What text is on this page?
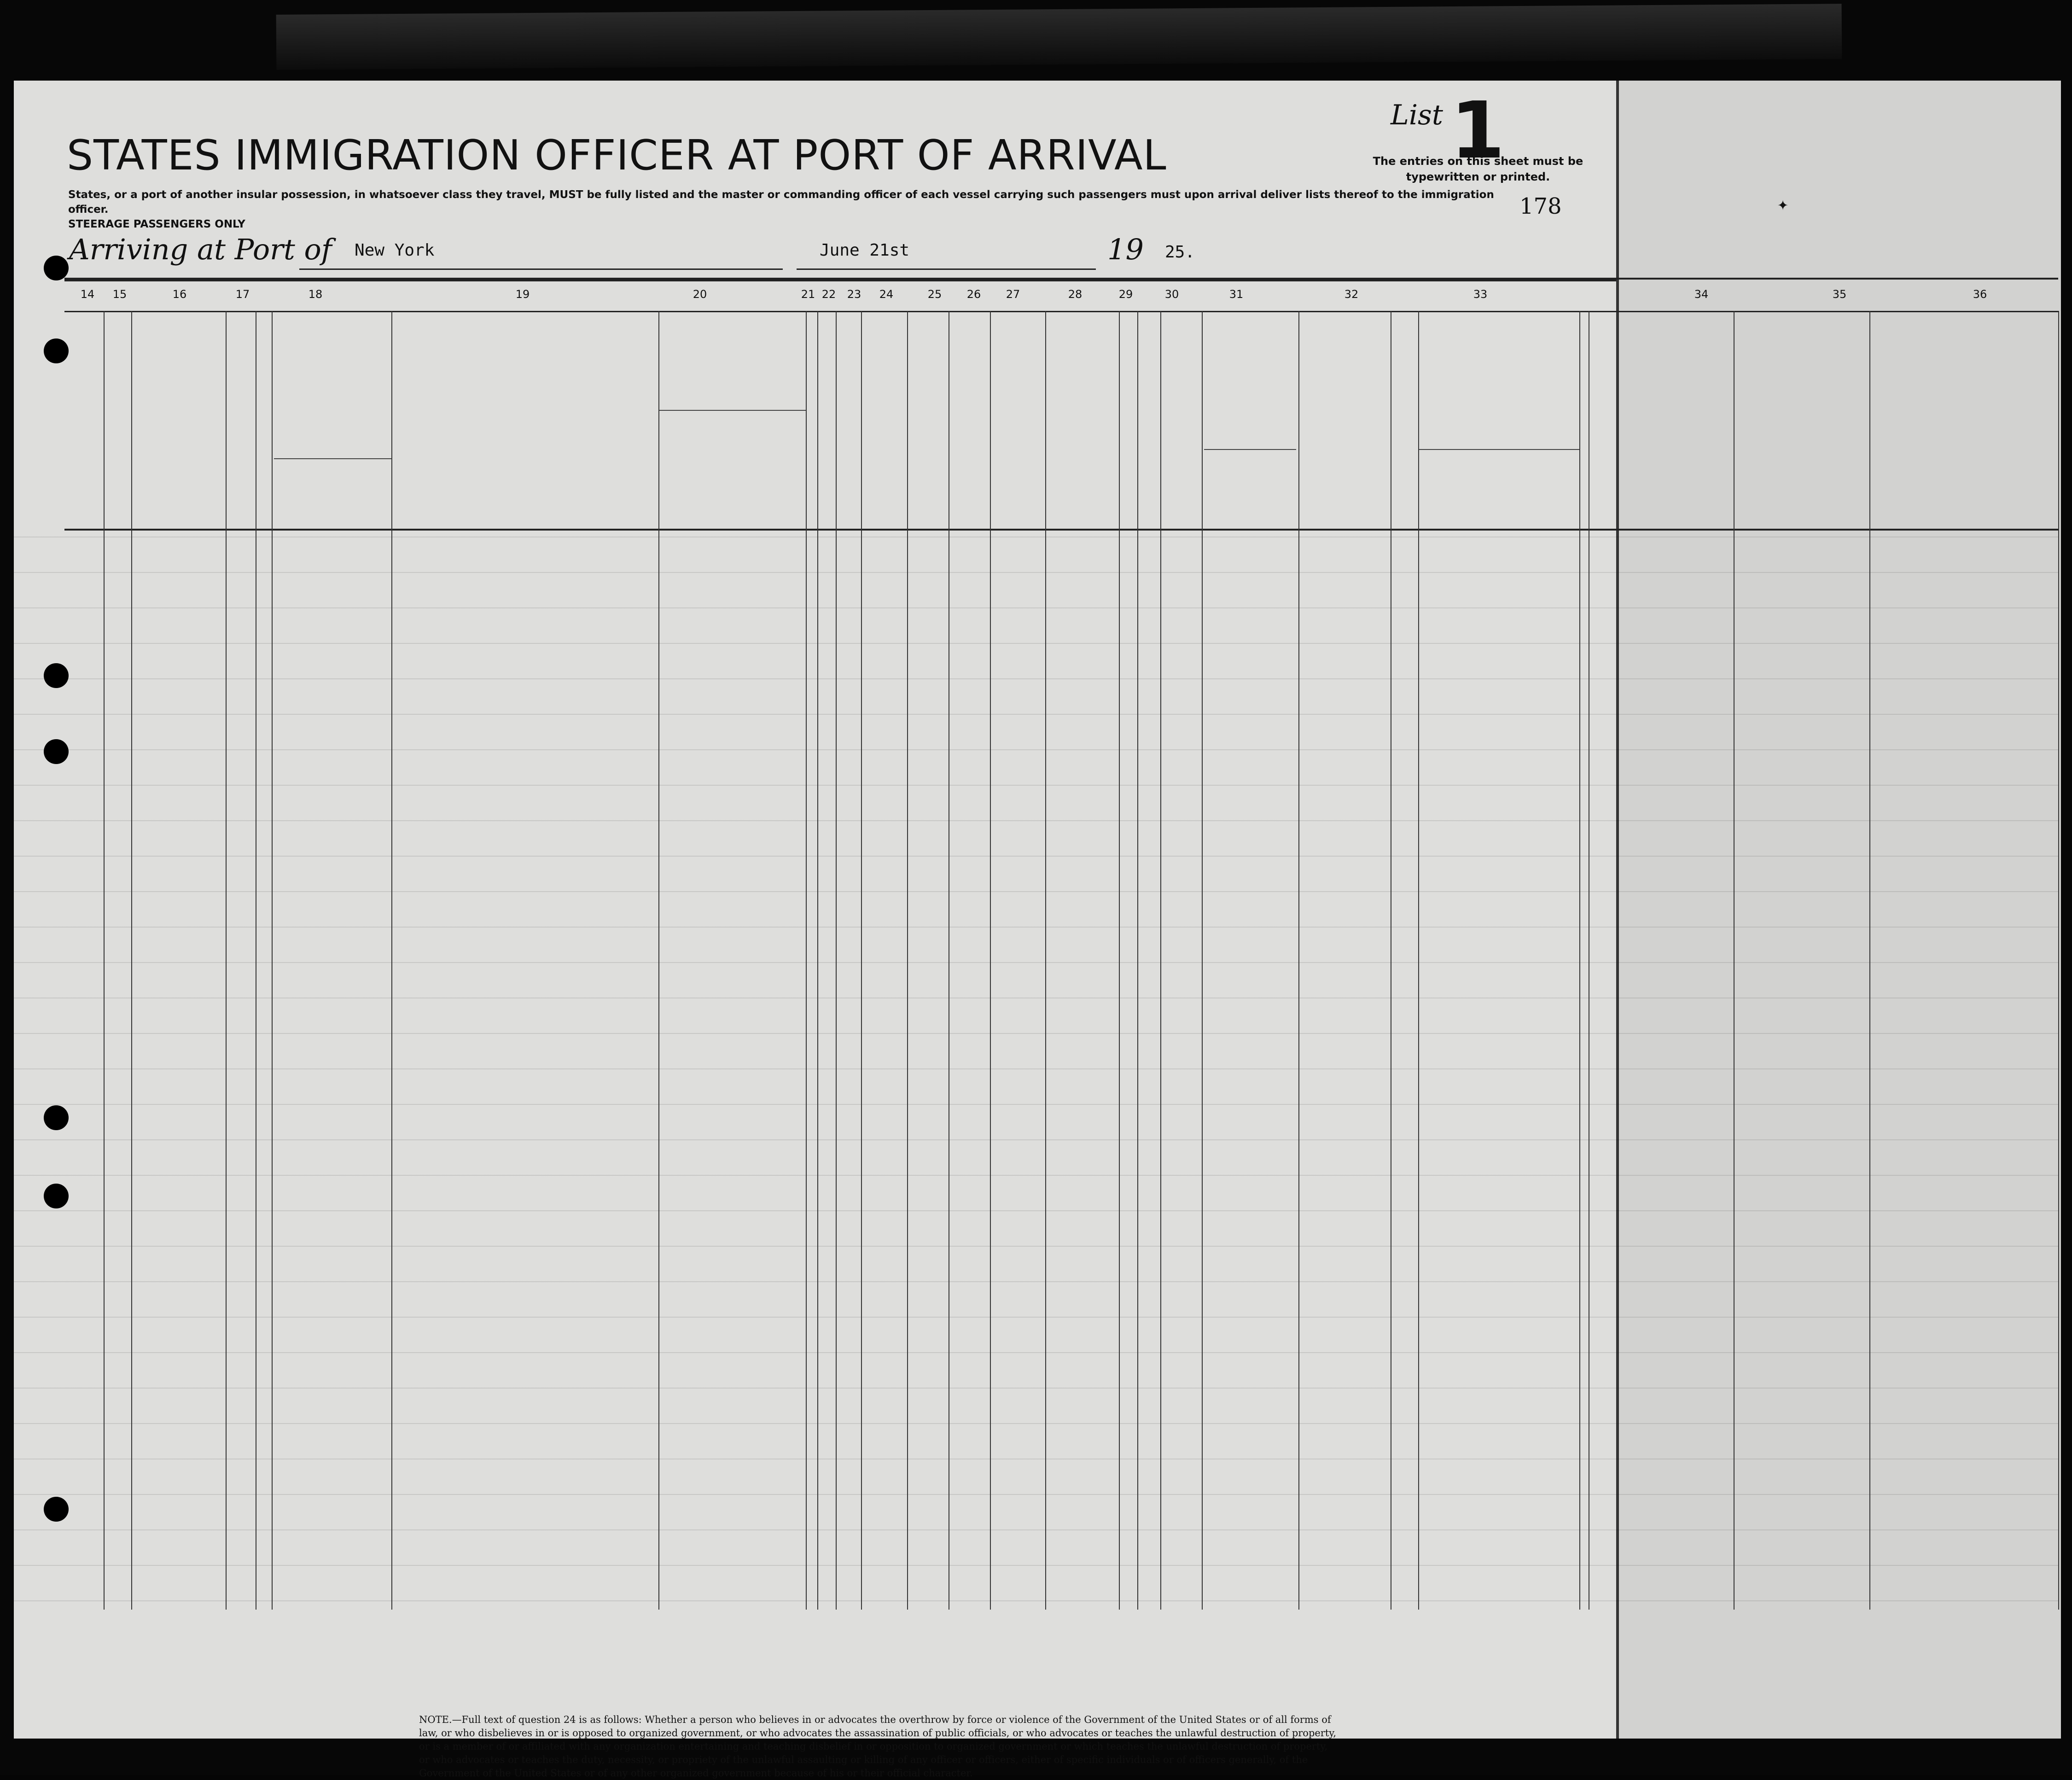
List 1
The entries on this sheet must be typewritten or printed.
STATES IMMIGRATION OFFICER AT PORT OF ARRIVAL
States, or a port of another insular possession, in whatsoever class they travel, MUST be fully listed and the master or commanding officer of each vessel carrying such passengers must upon arrival deliver lists thereof to the immigration officer.
STEERAGE PASSENGERS ONLY
178	✦
Arriving at Port of New York	June 21st	19 25.
14 15	16	17	18	19	20	21 22 23 24	25 26 27	28	29	30	31	32	33	34	35	36
NOTE.—Full text of question 24 is as follows: Whether a person who believes in or advocates the overthrow by force or violence of the Government of the United States or of all forms of law, or who disbelieves in or is opposed to organized government, or who advocates the assassination of public officials, or who advocates or teaches the unlawful destruction of property, or is a member of or affiliated with any organization entertaining and teaching disbelief in or opposition to organized government or which teaches the unlawful destruction of property, or who advocates or teaches the duty, necessity, or propriety of the unlawful assaulting or killing of any officer or officers, either of specific individuals or of officers generally, of the Government of the United States or of any other organized government because of his or their official character.
